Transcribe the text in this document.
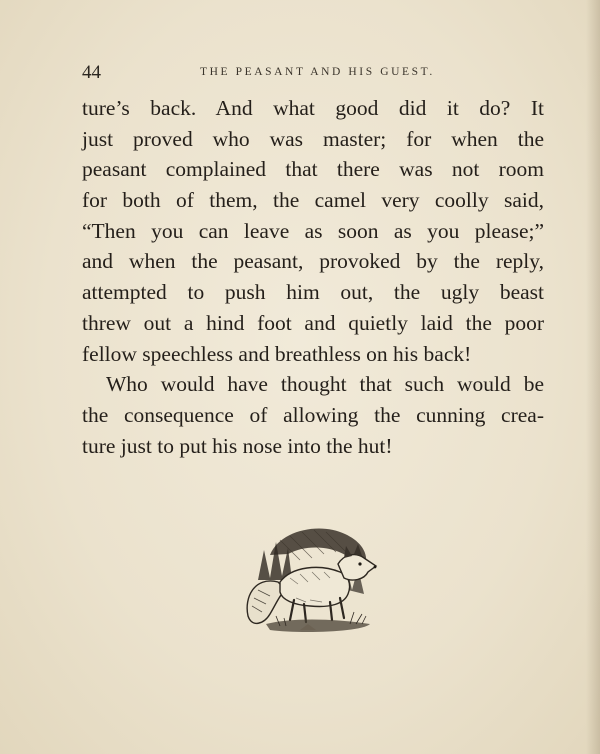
44	THE PEASANT AND HIS GUEST.
ture’s back. And what good did it do? It
just proved who was master; for when the
peasant complained that there was not room
for both of them, the camel very coolly said,
“Then you can leave as soon as you please;”
and when the peasant, provoked by the reply,
attempted to push him out, the ugly beast
threw out a hind foot and quietly laid the poor
fellow speechless and breathless on his back!
Who would have thought that such would be
the consequence of allowing the cunning crea-
ture just to put his nose into the hut!
